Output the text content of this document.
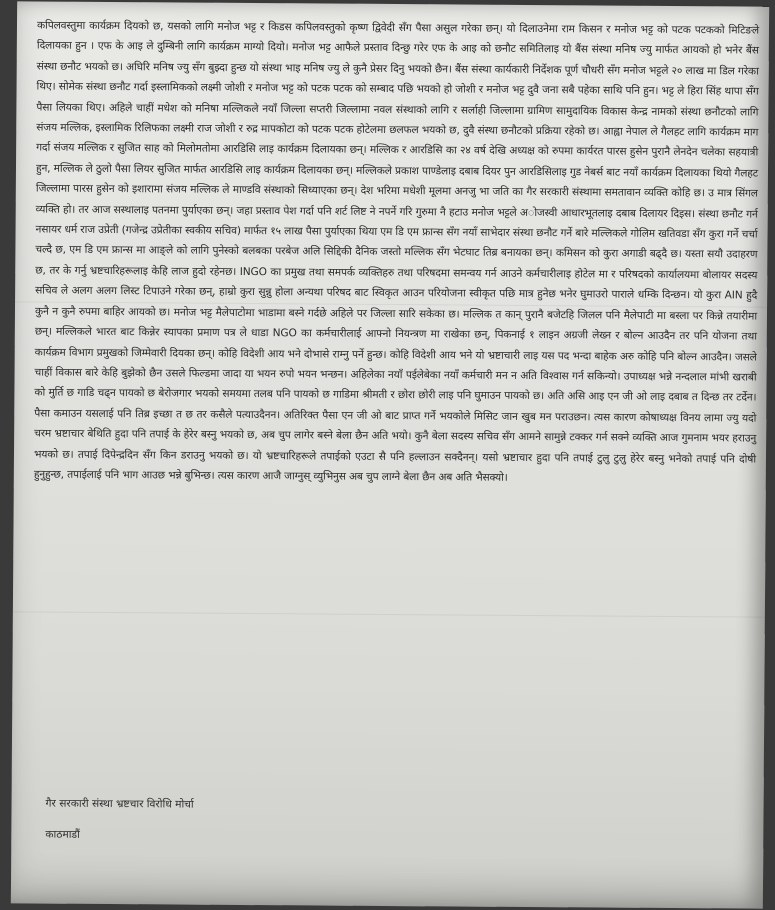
कपिलवस्तुमा कार्यक्रम दियको छ, यसको लागि मनोज भट्ट र किडस कपिलवस्तुको कृष्ण द्विवेदी सँग पैसा असुल गरेका छन्। यो दिलाउनेमा राम किसन र मनोज भट्ट को पटक पटकको मिटिङले दिलायका हुन । एफ के आइ ले दुम्बिनी लागि कार्यक्रम माग्यो दियो। मनोज भट्ट आफैले प्रस्ताव दिन्छु गरेर एफ के आइ को छनौट समितिलाइ यो बैंस संस्था मनिष ज्यु मार्फत आयको हो भनेर बैंस संस्था छनौट भयको छ। अघिरि मनिष ज्यु सँग बुझ्दा हुन्छ यो संस्था भाइ मनिष ज्यु ले कुनै प्रेसर दिनु भयको छैन। बैंस संस्था कार्यकारी निर्देशक पूर्ण चौधरी सँग मनोज भट्टले २० लाख मा डिल गरेका थिए। सोमेक संस्था छनौट गर्दा इस्लामिकको लक्ष्मी जोशी र मनोज भट्ट को पटक पटक को सम्बाद पछि भयको हो जोशी र मनोज भट्ट दुवै जना सबै पहेका साथि पनि हुन। भट्ट ले हिरा सिंह थापा सँग पैसा लियका थिए। अहिले चाहीं मधेश को मनिषा मल्लिकले नयाँ जिल्ला सप्तरी जिल्लामा नवल संस्थाको लागि र सर्लाही जिल्लामा ग्रामिण सामुदायिक विकास केन्द्र नामको संस्था छनौटको लागि संजय मल्लिक, इस्लामिक रिलिफका लक्ष्मी राज जोशी र रुद्र मापकोटा को पटक पटक होटेलमा छलफल भयको छ, दुवै संस्था छनौटको प्रक्रिया रहेको छ। आह्वा नेपाल ले गैलहट लागि कार्यक्रम माग गर्दा संजय मल्लिक र सुजित साह को मिलोमतोमा आरडिसि लाइ कार्यक्रम दिलायका छन्। मल्लिक र आरडिसि का २४ वर्ष देखि अध्यक्ष को रुपमा कार्यरत पारस हुसेन पुरानै लेनदेन चलेका सहयात्री हुन, मल्लिक ले ठुलो पैसा लियर सुजित मार्फत आरडिसि लाइ कार्यक्रम दिलायका छन्। मल्लिकले प्रकाश पाण्डेलाइ दबाब दियर पुन आरडिसिलाइ गुड नेबर्स बाट नयाँ कार्यक्रम दिलायका थियो गैलहट जिल्लामा पारस हुसेन को इशारामा संजय मल्लिक ले माण्डवि संस्थाको सिध्याएका छन्। देश भरिमा मधेशी मूलमा अनजु भा जति का गैर सरकारी संस्थामा समतावान व्यक्ति कोहि छ। उ मात्र सिंगल व्यक्ति हो। तर आज सस्थालाइ पतनमा पुर्याएका छन्। जहा प्रस्ताव पेश गर्दा पनि शर्ट लिष्ट ने नपर्ने गरि गुरुमा नै हटाउ मनोज भट्टले अोजस्वी आधारभूतलाइ दबाब दिलायर दिइस। संस्था छनौट गर्न नसायर धर्म राज उप्रेती (गजेन्द्र उप्रेतीका स्वकीय सचिव) मार्फत १५ लाख पैसा पुर्याएका थिया एम डि एम फ्रान्स सँग नयाँ साभेदार संस्था छनौट गर्ने बारे मल्लिकले गोलिम खतिवडा सँग कुरा गर्ने चर्चा चल्दै छ, एम डि एम फ्रान्स मा आङ्ले को लागि पुनेस्को बलबका परबेज अलि सिद्दिकी दैनिक जस्तो मल्लिक सँग भेटघाट तिब्र बनायका छन्। कमिसन को कुरा अगाडी बढ्दै छ। यस्ता सयौ उदाहरण छ, तर के गर्नु भ्रष्टचारिहरूलाइ केहि लाज हुदो रहेनछ। INGO का प्रमुख तथा समपर्क व्यक्तिहरु तथा परिषदमा समन्वय गर्न आउने कर्मचारीलाइ होटेल मा र परिषदको कार्यालयमा बोलायर सदस्य सचिव ले अलग अलग लिस्ट टिपाउने गरेका छन्, हाम्रो कुरा सुन्नु होला अन्यथा परिषद बाट स्विकृत आउन परियोजना स्वीकृत पछि मात्र हुनेछ भनेर घुमाउरो पाराले धम्कि दिन्छन। यो कुरा AIN हुदै कुनै न कुनै रुपमा बाहिर आयको छ। मनोज भट्ट मैलेपाटोमा भाडामा बस्ने गर्दछे अहिले पर जिल्ला सारि सकेका छ। मल्लिक त कान् पुरानै बजेटहि जिलल पनि मैलेपाटी मा बस्ला पर किन्ने तयारीमा छन्। मल्लिकले भारत बाट किन्नेर स्यापका प्रमाण पत्र ले धाडा NGO का कर्मचारीलाई आफ्नो नियन्त्रण मा राखेका छन्, पिकनाई १ लाइन अग्रजी लेख्न र बोल्न आउदैन तर पनि योजना तथा कार्यक्रम विभाग प्रमुखको जिम्मेवारी दियका छन्। कोहि विदेशी आय भने दोभासे राम्नु पर्ने हुन्छ। कोहि विदेशी आय भने यो भ्रष्टाचारी लाइ यस पद भन्दा बाहेक अरु कोहि पनि बोल्न आउदैन। जसले चाहीं विकास बारे केहि बुझेको छैन उसले फिल्डमा जादा या भयन रुपो भयन भन्छन। अहिलेका नयाँ पईलेबेका नयाँ कर्मचारी मन न अति विश्वास गर्न सकिन्यो। उपाध्यक्ष भन्ने नन्दलाल मांभी खराबी को मुर्ति छ गाडि चढ्न पायको छ बेरोजगार भयको समयमा तलब पनि पायको छ गाडिमा श्रीमती र छोरा छोरी लाइ पनि घुमाउन पायको छ। अति असि आइ एन जी ओ लाइ दबाब त दिन्छ तर टर्देन। पैसा कमाउन यसलाई पनि तिब्र इच्छा त छ तर कसैले पत्याउदैनन। अतिरिक्त पैसा एन जी ओ बाट प्राप्त गर्ने भयकोले मिसिट जान खुब मन पराउछन। त्यस कारण कोषाध्यक्ष विनय लामा ज्यु यदो चरम भ्रष्टाचार बेथिति हुदा पनि तपाई के हेरेर बस्नु भयको छ, अब चुप लागेर बस्ने बेला छैन अति भयो। कुनै बेला सदस्य सचिव सँग आमने सामुन्ने टक्कर गर्न सक्ने व्यक्ति आज गुमनाम भयर हराउनु भयको छ। तपाई दिपेन्द्रदिन सँग किन डराउनु भयको छ। यो भ्रष्टचारिहरूले तपाईको एउटा सै पनि हल्लाउन सक्दैनन्। यसो भ्रष्टाचार हुदा पनि तपाई टुलु टुलु हेरेर बस्नु भनेको तपाई पनि दोषी हुनुहुन्छ, तपाईलाई पनि भाग आउछ भन्ने बुभिन्छ। त्यस कारण आजै जाग्नुस् व्युभिनुस अब चुप लाग्ने बेला छैन अब अति भैसक्यो।

गैर सरकारी संस्था भ्रष्टचार विरोधि मोर्चा
काठमाडौं
